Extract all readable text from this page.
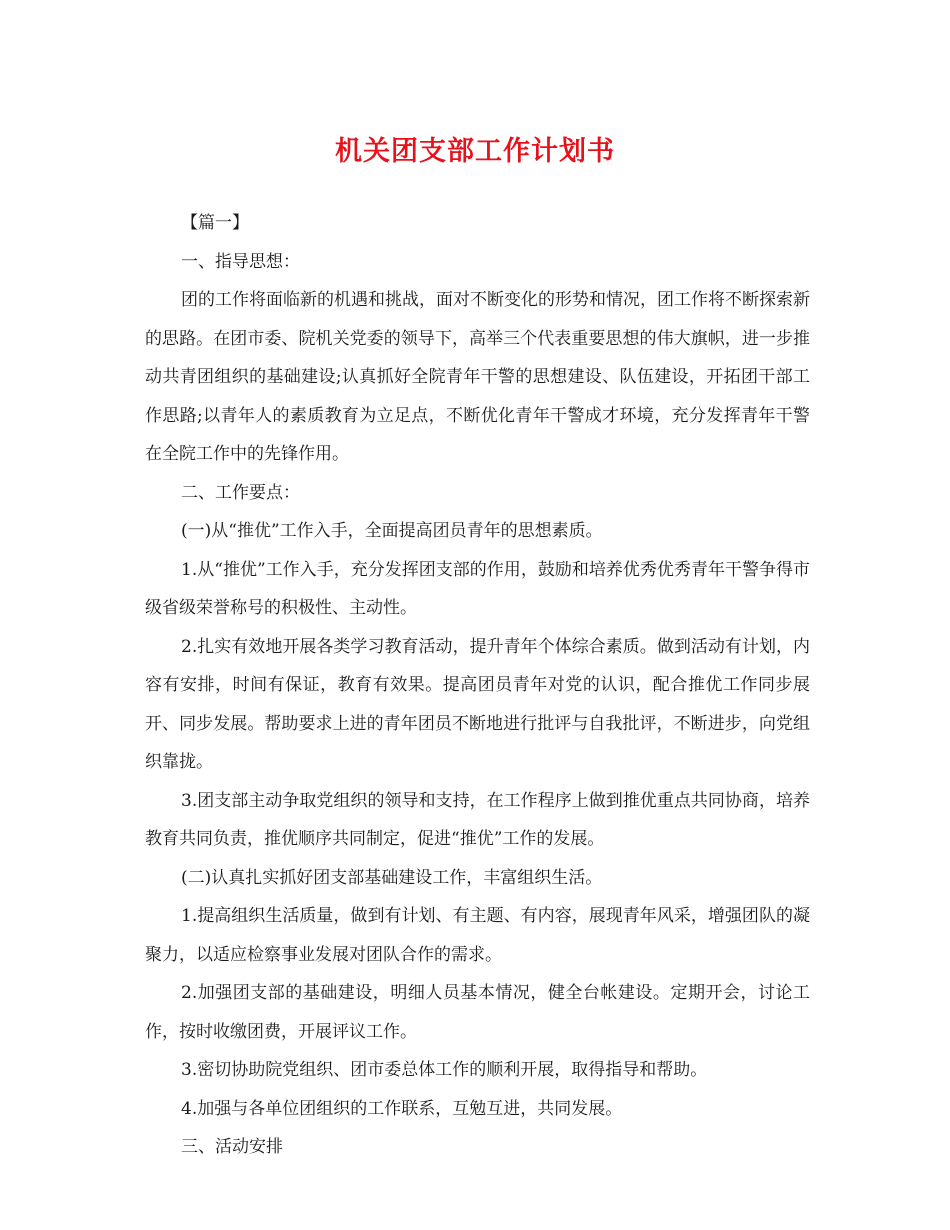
机关团支部工作计划书

【篇一】

一、指导思想：

团的工作将面临新的机遇和挑战，面对不断变化的形势和情况，团工作将不断探索新的思路。在团市委、院机关党委的领导下，高举三个代表重要思想的伟大旗帜，进一步推动共青团组织的基础建设;认真抓好全院青年干警的思想建设、队伍建设，开拓团干部工作思路;以青年人的素质教育为立足点，不断优化青年干警成才环境，充分发挥青年干警在全院工作中的先锋作用。

二、工作要点：

(一)从“推优”工作入手，全面提高团员青年的思想素质。

1.从“推优”工作入手，充分发挥团支部的作用，鼓励和培养优秀优秀青年干警争得市级省级荣誉称号的积极性、主动性。

2.扎实有效地开展各类学习教育活动，提升青年个体综合素质。做到活动有计划，内容有安排，时间有保证，教育有效果。提高团员青年对党的认识，配合推优工作同步展开、同步发展。帮助要求上进的青年团员不断地进行批评与自我批评，不断进步，向党组织靠拢。

3.团支部主动争取党组织的领导和支持，在工作程序上做到推优重点共同协商，培养教育共同负责，推优顺序共同制定，促进“推优”工作的发展。

(二)认真扎实抓好团支部基础建设工作，丰富组织生活。

1.提高组织生活质量，做到有计划、有主题、有内容，展现青年风采，增强团队的凝聚力，以适应检察事业发展对团队合作的需求。

2.加强团支部的基础建设，明细人员基本情况，健全台帐建设。定期开会，讨论工作，按时收缴团费，开展评议工作。

3.密切协助院党组织、团市委总体工作的顺利开展，取得指导和帮助。

4.加强与各单位团组织的工作联系，互勉互进，共同发展。

三、活动安排
